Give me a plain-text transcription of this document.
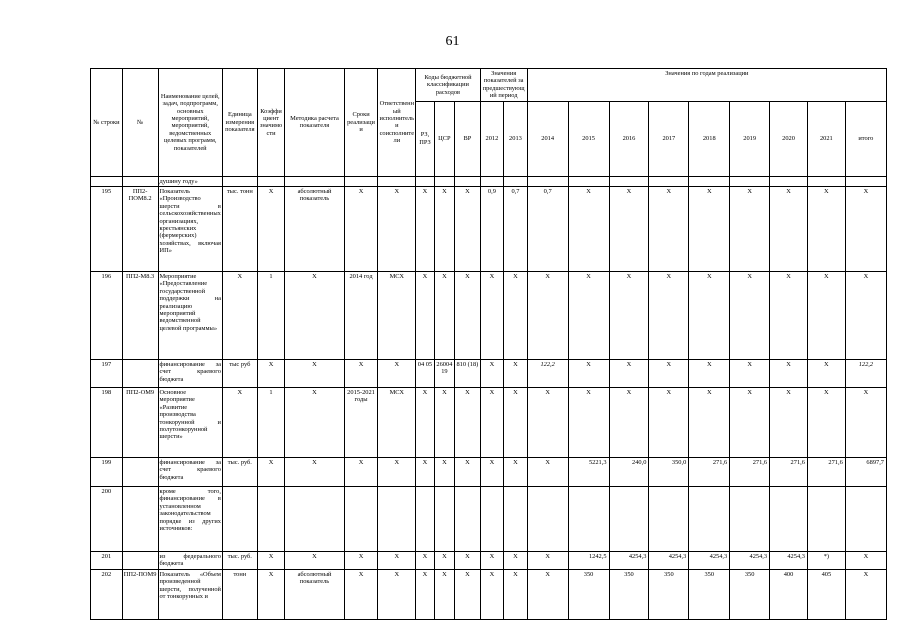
61
№ строки	№	Наименование целей, задач, подпрограмм, основных мероприятий, мероприятий, ведомственных целевых программ, показателей	Единица измерения показателя	Коэффициент значимости	Методика расчета показателя	Сроки реализации	Ответственный исполнитель и соисполнители	Коды бюджетной классификации расходов			Значения показателей за предшествующий период		Значения по годам реализации								
								РЗ, ПРЗ	ЦСР	ВР	2012	2013	2014	2015	2016	2017	2018	2019	2020	2021	итого
		душину году»																			
195	ПП2-ПОМ8.2	Показатель «Производство шерсти в сельскохозяйственных организациях, крестьянских (фермерских) хозяйствах, включая ИП»	тыс. тонн	X	абсолютный показатель	X	X	X	X	X	0,9	0,7	0,7	X	X	X	X	X	X	X	X
196	ПП2-М8.3	Мероприятие «Предоставление государственной поддержки на реализацию мероприятий ведомственной целевой программы»	X	1	X	2014 год	МСХ	X	X	X	X	X	X	X	X	X	X	X	X	X	X
197		финансирование за счет краевого бюджета	тыс руб	X	X	X	X	04 05	2600419	810 (18)	X	X	122,2	X	X	X	X	X	X	X	122,2
198	ПП2-ОМ9	Основное мероприятие «Развитие производства тонкорунной и полутонкорунной шерсти»	X	1	X	2015-2021 годы	МСХ	X	X	X	X	X	X	X	X	X	X	X	X	X	X
199		финансирование за счет краевого бюджета	тыс. руб.	X	X	X	X	X	X	X	X	X	X	5221,3	240,0	350,0	271,6	271,6	271,6	271,6	6897,7
200		кроме того, финансирование в установленном законодательством порядке из других источников:																			
201		из федерального бюджета	тыс. руб.	X	X	X	X	X	X	X	X	X	X	1242,5	4254,3	4254,3	4254,3	4254,3	4254,3	*)	X
202	ПП2-ПОМ9	Показатель «Объем произведенной шерсти, полученной от тонкорунных и	тонн	X	абсолютный показатель	X	X	X	X	X	X	X	X	350	350	350	350	350	400	405	X
